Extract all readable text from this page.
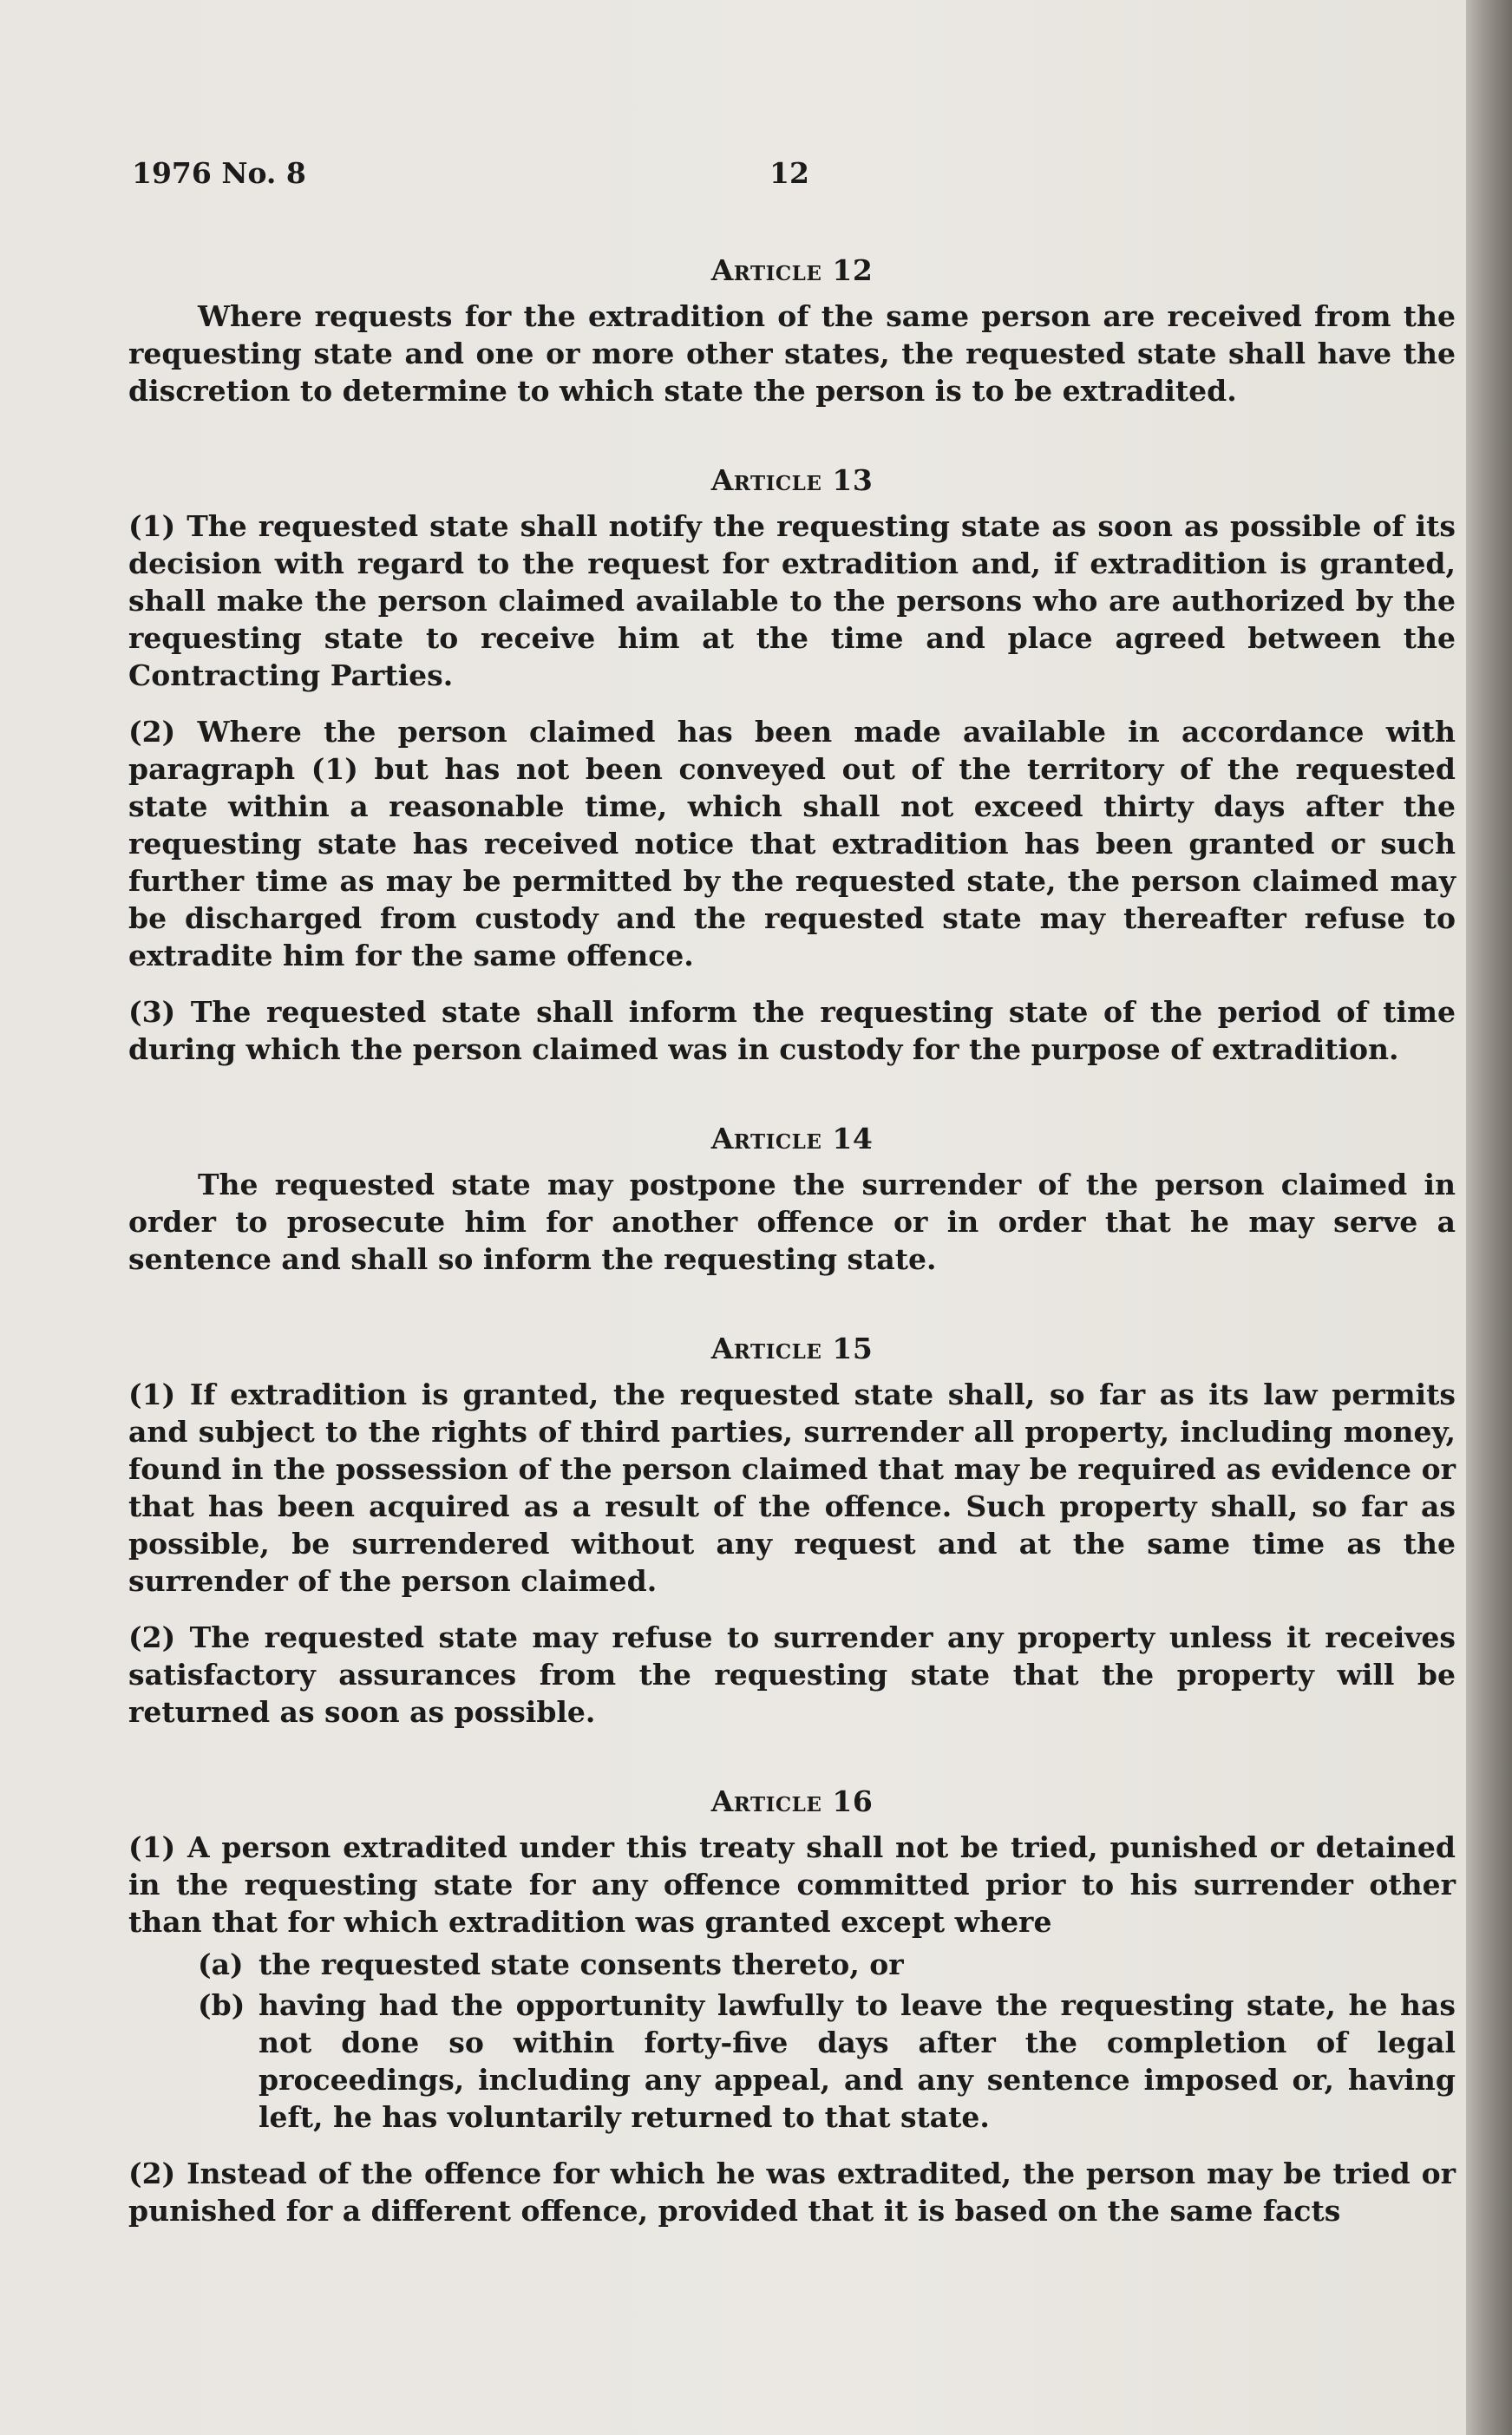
1976 No. 8	12
Article 12

Where requests for the extradition of the same person are received from the requesting state and one or more other states, the requested state shall have the discretion to determine to which state the person is to be extradited.

Article 13

(1) The requested state shall notify the requesting state as soon as possible of its decision with regard to the request for extradition and, if extradition is granted, shall make the person claimed available to the persons who are authorized by the requesting state to receive him at the time and place agreed between the Contracting Parties.

(2) Where the person claimed has been made available in accordance with paragraph (1) but has not been conveyed out of the territory of the requested state within a reasonable time, which shall not exceed thirty days after the requesting state has received notice that extradition has been granted or such further time as may be permitted by the requested state, the person claimed may be discharged from custody and the requested state may thereafter refuse to extradite him for the same offence.

(3) The requested state shall inform the requesting state of the period of time during which the person claimed was in custody for the purpose of extradition.

Article 14

The requested state may postpone the surrender of the person claimed in order to prosecute him for another offence or in order that he may serve a sentence and shall so inform the requesting state.

Article 15

(1) If extradition is granted, the requested state shall, so far as its law permits and subject to the rights of third parties, surrender all property, including money, found in the possession of the person claimed that may be required as evidence or that has been acquired as a result of the offence. Such property shall, so far as possible, be surrendered without any request and at the same time as the surrender of the person claimed.

(2) The requested state may refuse to surrender any property unless it receives satisfactory assurances from the requesting state that the property will be returned as soon as possible.

Article 16

(1) A person extradited under this treaty shall not be tried, punished or detained in the requesting state for any offence committed prior to his surrender other than that for which extradition was granted except where

(a) the requested state consents thereto, or
(b) having had the opportunity lawfully to leave the requesting state, he has not done so within forty-five days after the completion of legal proceedings, including any appeal, and any sentence imposed or, having left, he has voluntarily returned to that state.

(2) Instead of the offence for which he was extradited, the person may be tried or punished for a different offence, provided that it is based on the same facts
